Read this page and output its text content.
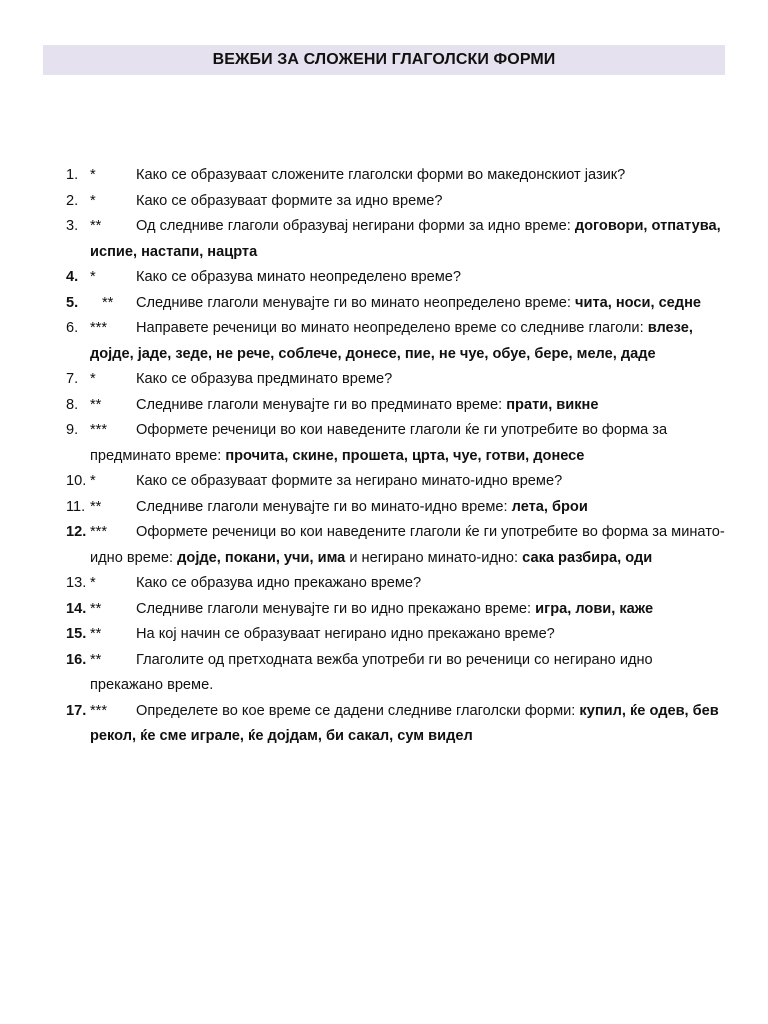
ВЕЖБИ ЗА СЛОЖЕНИ ГЛАГОЛСКИ ФОРМИ
1. *	Како се образуваат сложените глаголски форми во македонскиот јазик?
2. *	Како се образуваат формите за идно време?
3. ** Од следниве глаголи образувај негирани форми за идно време: договори, отпатува, испие, настапи, нацрта
4. *	Како се образува минато неопределено време?
5. ** Следниве глаголи менувајте ги во минато неопределено време: чита, носи, седне
6. *** Направете реченици во минато неопределено време со следниве глаголи: влезе, дојде, јаде, зеде, не рече, соблече, донесе, пие, не чуе, обуе, бере, меле, даде
7. *	Како се образува предминато време?
8. ** Следниве глаголи менувајте ги во предминато време: прати, викне
9. *** Оформете реченици во кои наведените глаголи ќе ги употребите во форма за предминато време: прочита, скине, прошета, црта, чуе, готви, донесе
10. *	Како се образуваат формите за негирано минато-идно време?
11. ** Следниве глаголи менувајте ги во минато-идно време: лета, брои
12. *** Оформете реченици во кои наведените глаголи ќе ги употребите во форма за минато-идно време: дојде, покани, учи, има и негирано минато-идно: сака разбира, оди
13. *	Како се образува идно прекажано време?
14. ** Следниве глаголи менувајте ги во идно прекажано време: игра, лови, каже
15. ** На кој начин се образуваат негирано идно прекажано време?
16. ** Глаголите од претходната вежба употреби ги во реченици со негирано идно прекажано време.
17. *** Определете во кое време се дадени следниве глаголски форми: купил, ќе одев, бев рекол, ќе сме играле, ќе дојдам, би сакал, сум видел
